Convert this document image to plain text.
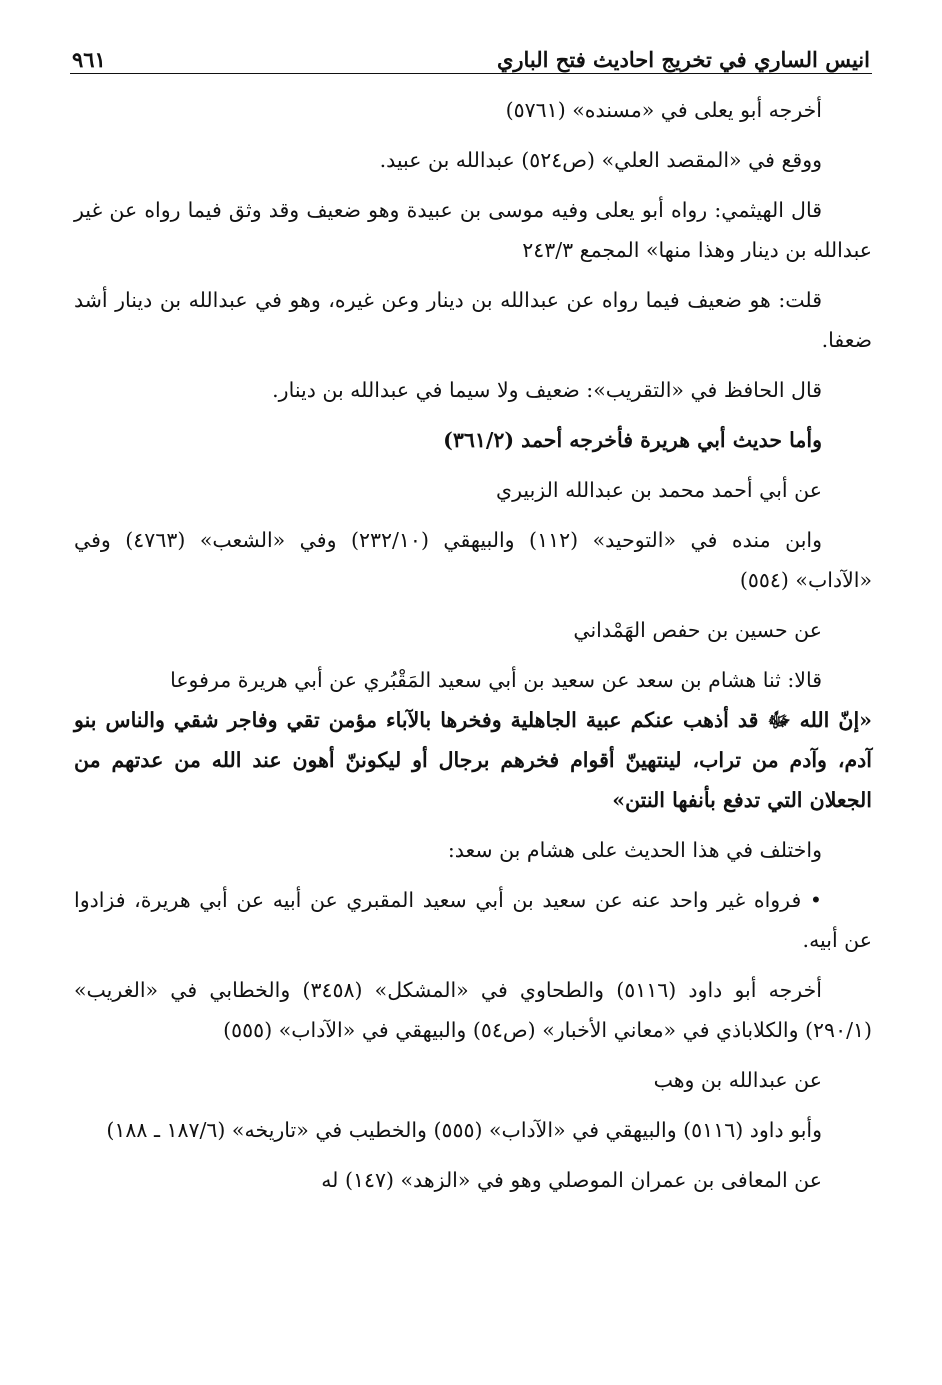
انيس الساري في تخريج احاديث فتح الباري
٩٦١

أخرجه أبو يعلى في «مسنده» (٥٧٦١)

ووقع في «المقصد العلي» (ص٥٢٤) عبدالله بن عبيد.

قال الهيثمي: رواه أبو يعلى وفيه موسى بن عبيدة وهو ضعيف وقد وثق فيما رواه عن غير عبدالله بن دينار وهذا منها» المجمع ٢٤٣/٣

قلت: هو ضعيف فيما رواه عن عبدالله بن دينار وعن غيره، وهو في عبدالله بن دينار أشد ضعفا.

قال الحافظ في «التقريب»: ضعيف ولا سيما في عبدالله بن دينار.

وأما حديث أبي هريرة فأخرجه أحمد (٣٦١/٢)

عن أبي أحمد محمد بن عبدالله الزبيري

وابن منده في «التوحيد» (١١٢) والبيهقي (٢٣٢/١٠) وفي «الشعب» (٤٧٦٣) وفي «الآداب» (٥٥٤)

عن حسين بن حفص الهَمْداني

قالا: ثنا هشام بن سعد عن سعيد بن أبي سعيد المَقْبُري عن أبي هريرة مرفوعا
«إنّ الله ﷻ قد أذهب عنكم عبية الجاهلية وفخرها بالآباء مؤمن تقي وفاجر شقي والناس بنو آدم، وآدم من تراب، لينتهينّ أقوام فخرهم برجال أو ليكوننّ أهون عند الله من عدتهم من الجعلان التي تدفع بأنفها النتن»

واختلف في هذا الحديث على هشام بن سعد:

• فرواه غير واحد عنه عن سعيد بن أبي سعيد المقبري عن أبيه عن أبي هريرة، فزادوا عن أبيه.

أخرجه أبو داود (٥١١٦) والطحاوي في «المشكل» (٣٤٥٨) والخطابي في «الغريب» (٢٩٠/١) والكلاباذي في «معاني الأخبار» (ص٥٤) والبيهقي في «الآداب» (٥٥٥)

عن عبدالله بن وهب

وأبو داود (٥١١٦) والبيهقي في «الآداب» (٥٥٥) والخطيب في «تاريخه» (١٨٧/٦ ـ ١٨٨)

عن المعافى بن عمران الموصلي وهو في «الزهد» (١٤٧) له
